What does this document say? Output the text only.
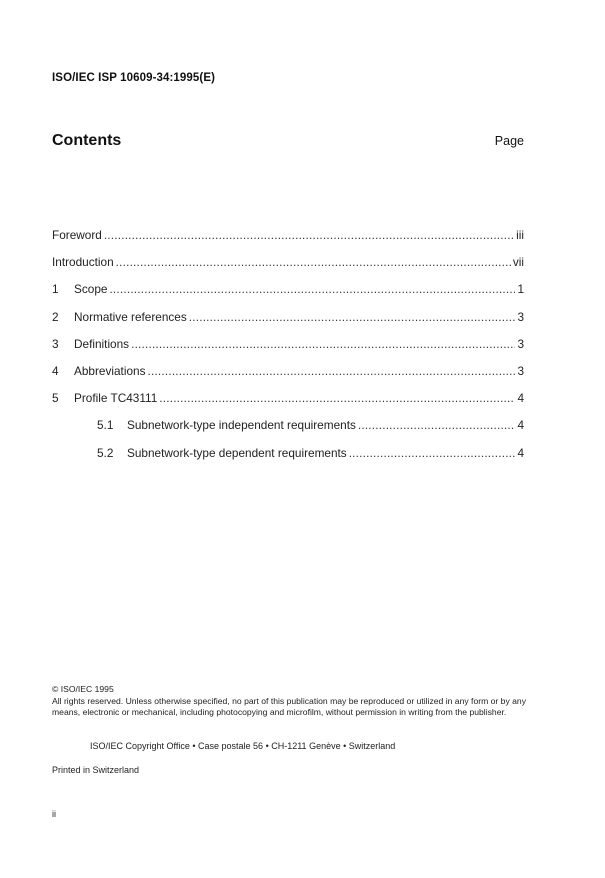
ISO/IEC ISP 10609-34:1995(E)
Contents	Page
Foreword .....	iii
Introduction .....	vii
1	Scope .....	1
2	Normative references .....	3
3	Definitions .....	3
4	Abbreviations .....	3
5	Profile TC43111 .....	4
5.1	Subnetwork-type independent requirements .....	4
5.2	Subnetwork-type dependent requirements .....	4

© ISO/IEC 1995

All rights reserved. Unless otherwise specified, no part of this publication may be reproduced or utilized in any form or by any means, electronic or mechanical, including photocopying and microfilm, without permission in writing from the publisher.

ISO/IEC Copyright Office • Case postale 56 • CH-1211 Genève • Switzerland
Printed in Switzerland
ii
